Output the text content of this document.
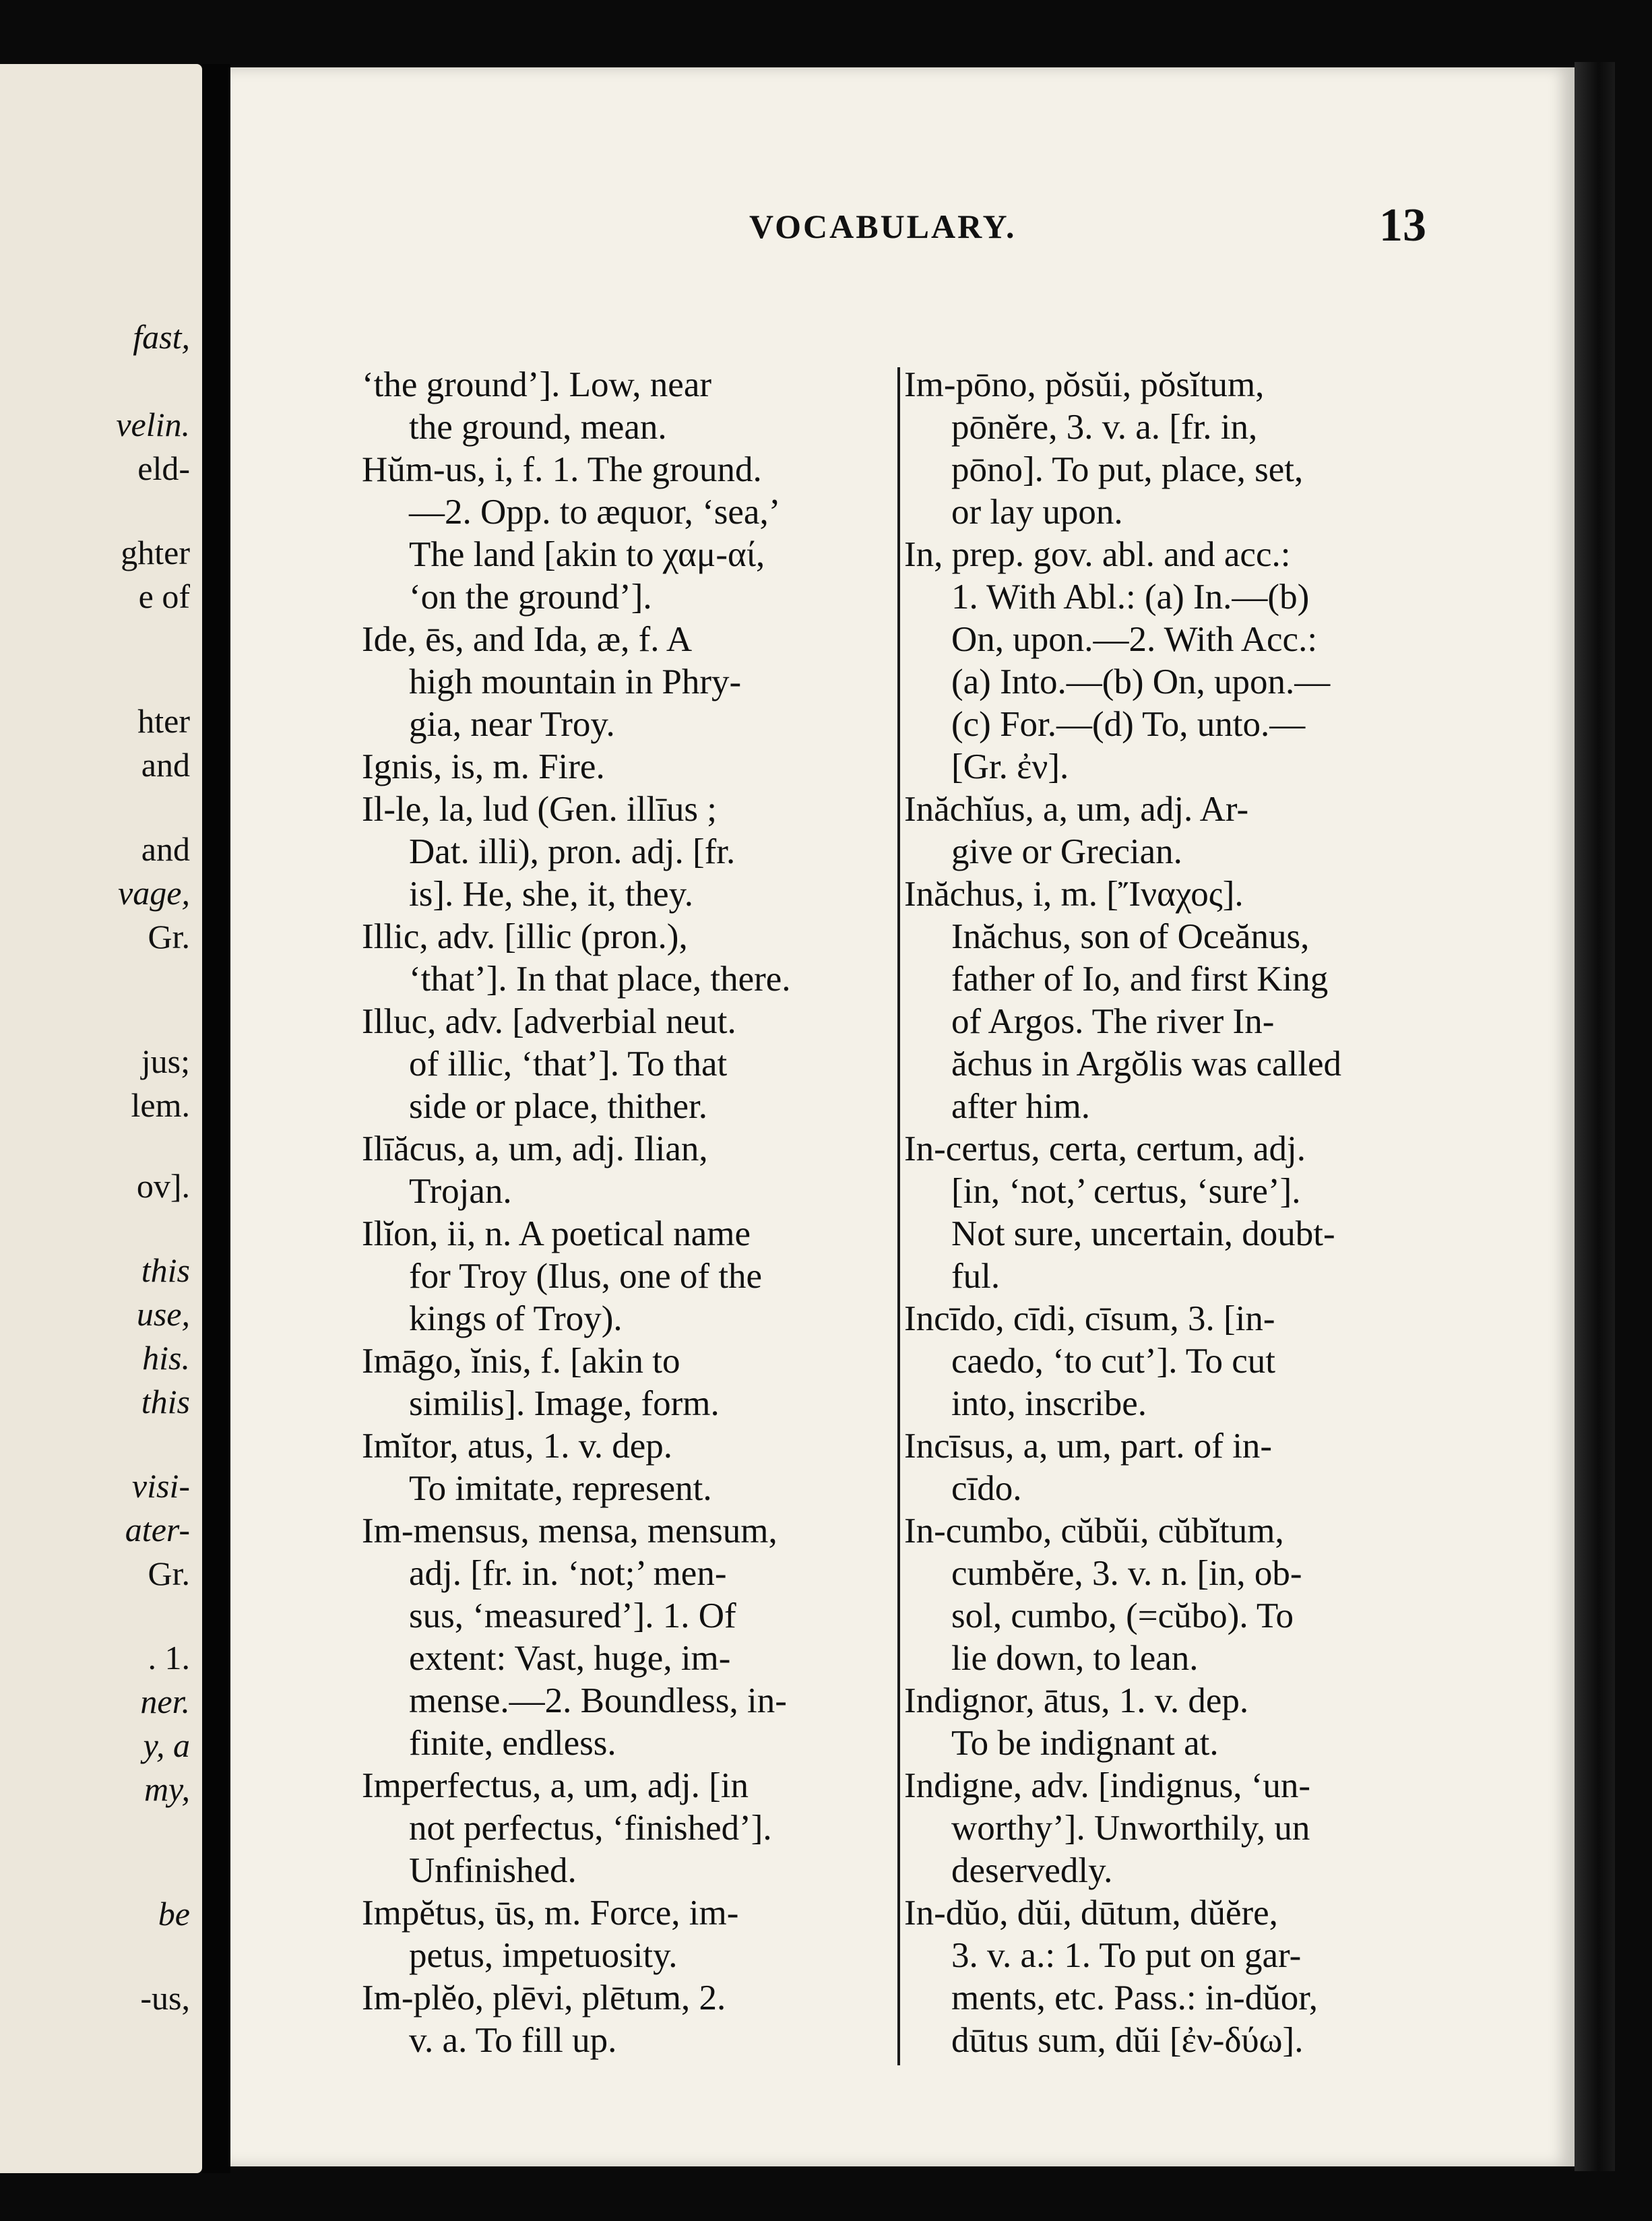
fast,
velin.
eld-
ghter
e of
hter
and
and
vage,
Gr.
jus;
lem.
ov].
this
use,
his.
this
visi-
ater-
Gr.
. 1.
ner.
y, a
my,
be
-us,
VOCABULARY.	13
‘the ground’]. Low, near
the ground, mean.
Hŭm-us, i, f. 1. The ground.
—2. Opp. to æquor, ‘sea,’
The land [akin to χαμ-αί,
‘on the ground’].
Ide, ēs, and Ida, æ, f. A
high mountain in Phry-
gia, near Troy.
Ignis, is, m. Fire.
Il-le, la, lud (Gen. illīus ;
Dat. illi), pron. adj. [fr.
is]. He, she, it, they.
Illic, adv. [illic (pron.),
‘that’]. In that place, there.
Illuc, adv. [adverbial neut.
of illic, ‘that’]. To that
side or place, thither.
Ilīăcus, a, um, adj. Ilian,
Trojan.
Ilĭon, ii, n. A poetical name
for Troy (Ilus, one of the
kings of Troy).
Imāgo, ĭnis, f. [akin to
similis]. Image, form.
Imĭtor, atus, 1. v. dep.
To imitate, represent.
Im-mensus, mensa, mensum,
adj. [fr. in. ‘not;’ men-
sus, ‘measured’]. 1. Of
extent: Vast, huge, im-
mense.—2. Boundless, in-
finite, endless.
Imperfectus, a, um, adj. [in
not perfectus, ‘finished’].
Unfinished.
Impĕtus, ūs, m. Force, im-
petus, impetuosity.
Im-plĕo, plēvi, plētum, 2.
v. a. To fill up.
Im-pōno, pŏsŭi, pŏsĭtum,
pōnĕre, 3. v. a. [fr. in,
pōno]. To put, place, set,
or lay upon.
In, prep. gov. abl. and acc.:
1. With Abl.: (a) In.—(b)
On, upon.—2. With Acc.:
(a) Into.—(b) On, upon.—
(c) For.—(d) To, unto.—
[Gr. ἐν].
Inăchĭus, a, um, adj. Ar-
give or Grecian.
Inăchus, i, m. [Ἴναχος].
Inăchus, son of Oceănus,
father of Io, and first King
of Argos. The river In-
ăchus in Argŏlis was called
after him.
In-certus, certa, certum, adj.
[in, ‘not,’ certus, ‘sure’].
Not sure, uncertain, doubt-
ful.
Incīdo, cīdi, cīsum, 3. [in-
caedo, ‘to cut’]. To cut
into, inscribe.
Incīsus, a, um, part. of in-
cīdo.
In-cumbo, cŭbŭi, cŭbĭtum,
cumbĕre, 3. v. n. [in, ob-
sol, cumbo, (=cŭbo). To
lie down, to lean.
Indignor, ātus, 1. v. dep.
To be indignant at.
Indigne, adv. [indignus, ‘un-
worthy’]. Unworthily, un
deservedly.
In-dŭo, dŭi, dūtum, dŭĕre,
3. v. a.: 1. To put on gar-
ments, etc. Pass.: in-dŭor,
dūtus sum, dŭi [ἐν-δύω].
